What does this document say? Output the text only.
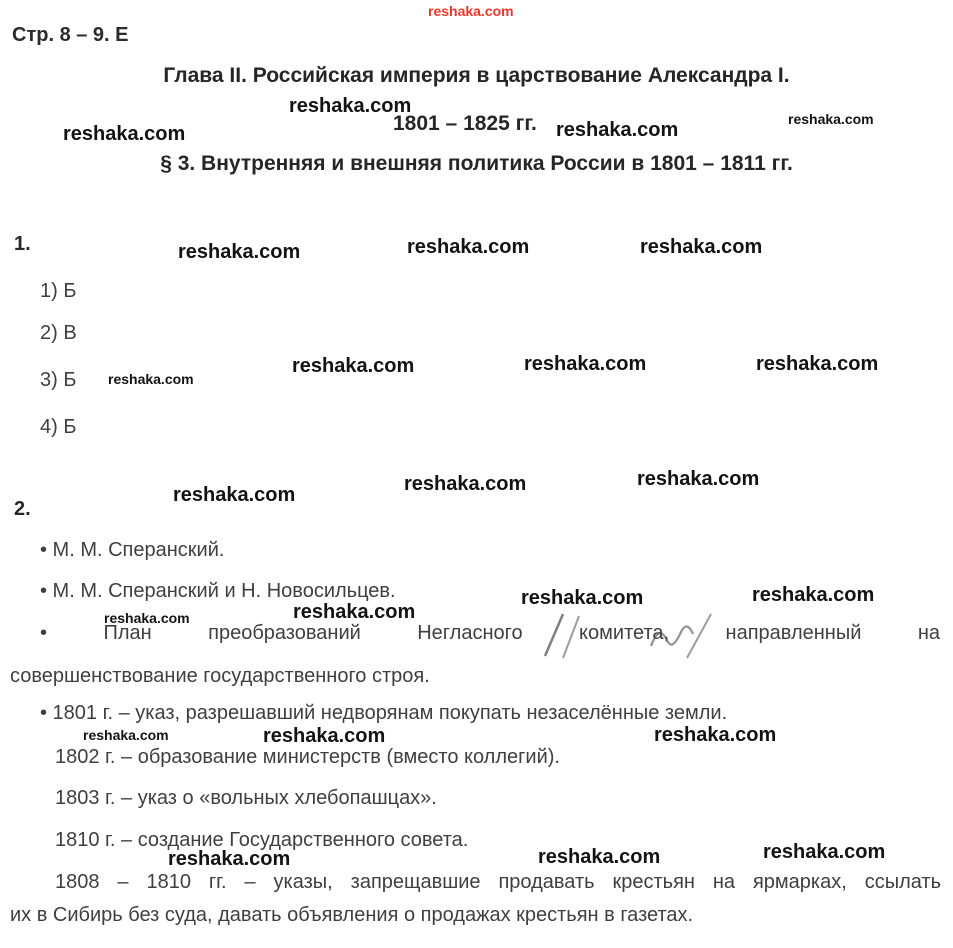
reshaka.com
Стр. 8 – 9. Е
Глава II. Российская империя в царствование Александра I.
reshaka.com
1801 – 1825 гг. reshaka.com	reshaka.com
reshaka.com
§ 3. Внутренняя и внешняя политика России в 1801 – 1811 гг.
1.	reshaka.com	reshaka.com	reshaka.com
1) Б
2) В
3) Б
4) Б
reshaka.com
reshaka.com	reshaka.com	reshaka.com
2.
reshaka.com	reshaka.com	reshaka.com
• М. М. Сперанский.
• М. М. Сперанский и Н. Новосильцев.	reshaka.com	reshaka.com
reshaka.com	reshaka.com
• План преобразований Негласного комитета, направленный на
совершенствование государственного строя.
• 1801 г. – указ, разрешавший недворянам покупать незаселённые земли.
reshaka.com	reshaka.com	reshaka.com
1802 г. – образование министерств (вместо коллегий).
1803 г. – указ о «вольных хлебопашцах».
1810 г. – создание Государственного совета.
reshaka.com	reshaka.com	reshaka.com
1808 – 1810 гг. – указы, запрещавшие продавать крестьян на ярмарках, ссылать
их в Сибирь без суда, давать объявления о продажах крестьян в газетах.
